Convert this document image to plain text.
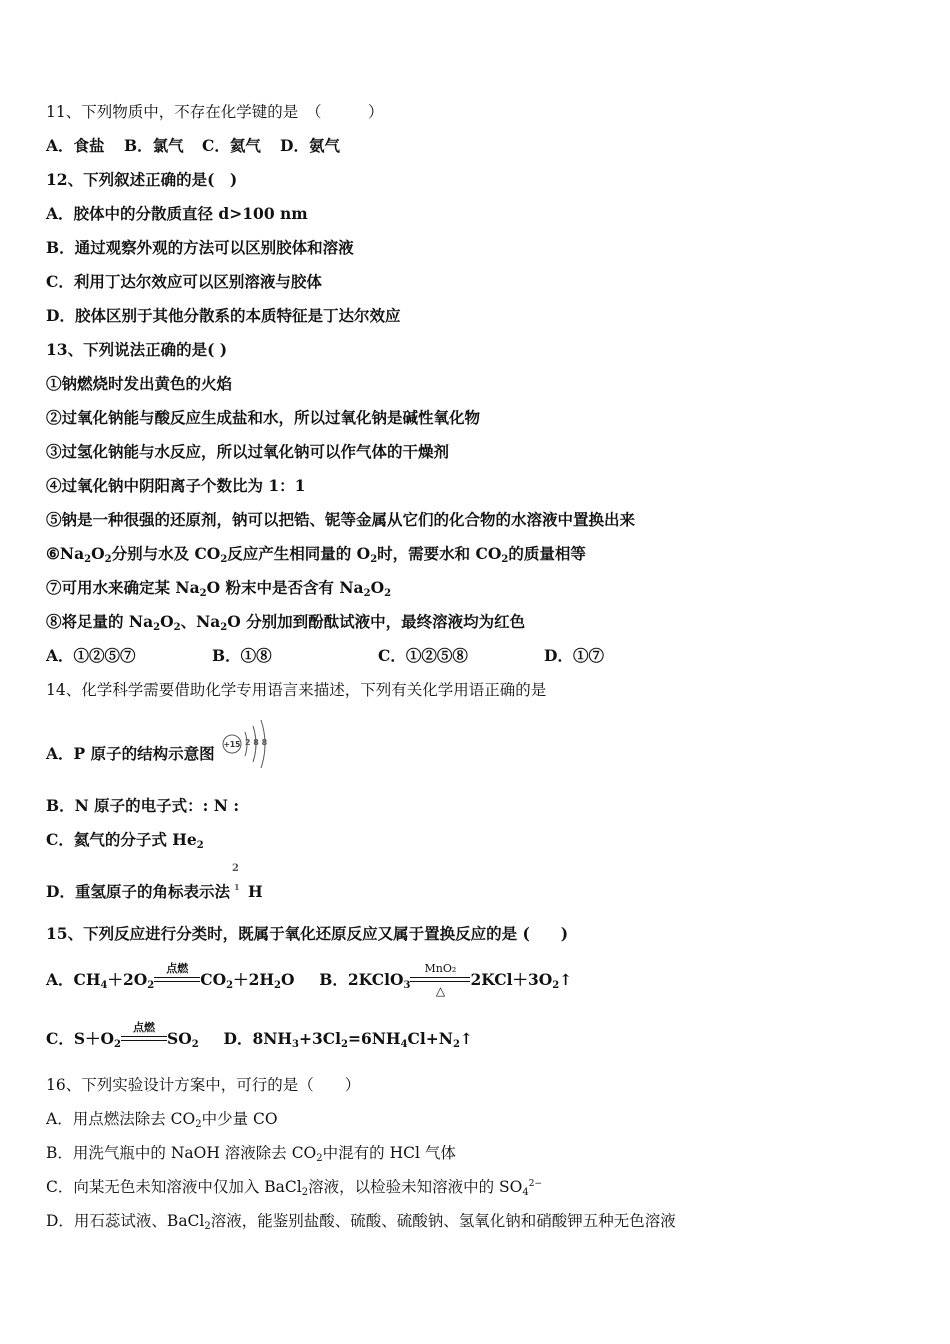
11、下列物质中，不存在化学键的是　（　　　）
A．食盐 B．氯气 C．氦气 D．氨气
12、下列叙述正确的是(　)
A．胶体中的分散质直径 d>100 nm
B．通过观察外观的方法可以区别胶体和溶液
C．利用丁达尔效应可以区别溶液与胶体
D．胶体区别于其他分散系的本质特征是丁达尔效应
13、下列说法正确的是( )
①钠燃烧时发出黄色的火焰
②过氧化钠能与酸反应生成盐和水，所以过氧化钠是碱性氧化物
③过氢化钠能与水反应，所以过氧化钠可以作气体的干燥剂
④过氧化钠中阴阳离子个数比为 1：1
⑤钠是一种很强的还原剂，钠可以把锆、铌等金属从它们的化合物的水溶液中置换出来
$⑥Na_2O_2$分别与水及 $CO_2$反应产生相同量的 $O_2$时，需要水和 $CO_2$的质量相等
⑦可用水来确定某 $Na_2O$ 粉末中是否含有 $Na_2O_2$
⑧将足量的 $Na_2O_2$、$Na_2O$ 分别加到酚酞试液中，最终溶液均为红色
A．①②⑤⑦	B．①⑧	C．①②⑤⑧	D．①⑦
14、化学科学需要借助化学专用语言来描述，下列有关化学用语正确的是
A．P 原子的结构示意图 +15 2 8 8
B．N 原子的电子式：: N :
C．氦气的分子式 $He_2$
D．重氢原子的角标表示法
2
1 H
15、下列反应进行分类时，既属于氧化还原反应又属于置换反应的是 (　　)
A．$CH_4+2O_2$
点燃
$CO_2+2H_2O$ B．2KClO$_3$
MnO₂
△
$2KCl+3O_2↑$
C．$S+O_2$
点燃
$SO_2$ D．$8NH_3+3Cl_2=6NH_4Cl+N_2↑$
16、下列实验设计方案中，可行的是（　　）
A．用点燃法除去 $CO_2$中少量 CO
B．用洗气瓶中的 NaOH 溶液除去 $CO_2$中混有的 HCl 气体
C．向某无色未知溶液中仅加入 BaCl$_2$溶液，以检验未知溶液中的 $SO_4^{2-}$
D．用石蕊试液、BaCl$_2$溶液，能鉴别盐酸、硫酸、硫酸钠、氢氧化钠和硝酸钾五种无色溶液
